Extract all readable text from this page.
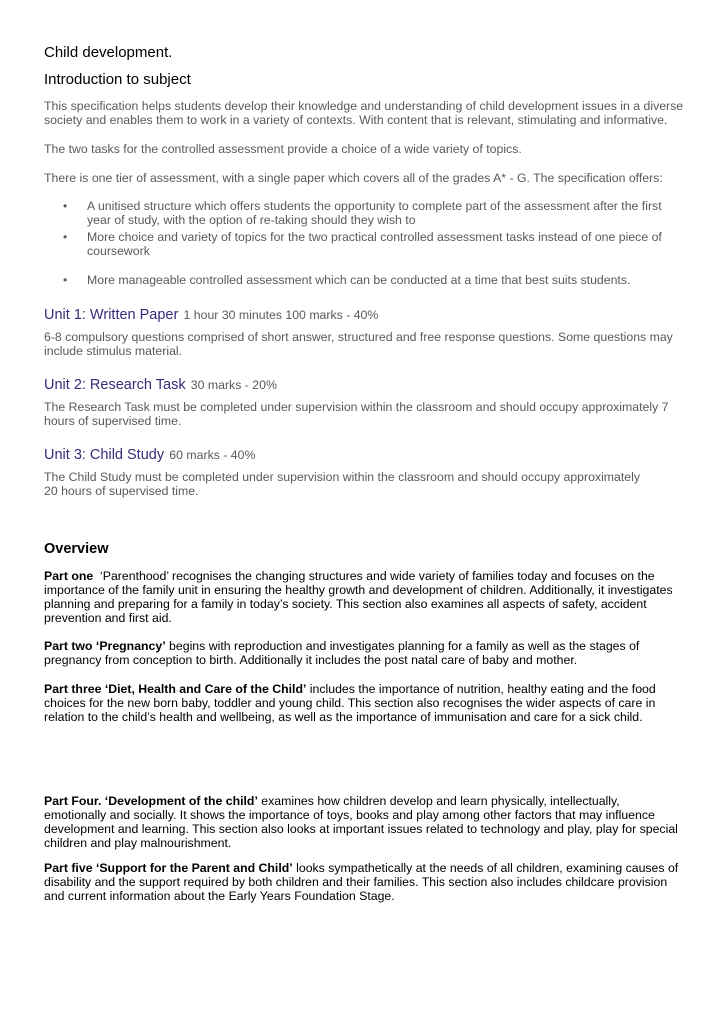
Child development.
Introduction to subject

This specification helps students develop their knowledge and understanding of child development issues in a diverse society and enables them to work in a variety of contexts. With content that is relevant, stimulating and informative.

The two tasks for the controlled assessment provide a choice of a wide variety of topics.

There is one tier of assessment, with a single paper which covers all of the grades A* - G. The specification offers:

• A unitised structure which offers students the opportunity to complete part of the assessment after the first year of study, with the option of re-taking should they wish to
• More choice and variety of topics for the two practical controlled assessment tasks instead of one piece of coursework
• More manageable controlled assessment which can be conducted at a time that best suits students.
Unit 1: Written Paper 1 hour 30 minutes 100 marks - 40%

6-8 compulsory questions comprised of short answer, structured and free response questions. Some questions may include stimulus material.

Unit 2: Research Task 30 marks - 20%

The Research Task must be completed under supervision within the classroom and should occupy approximately 7 hours of supervised time.

Unit 3: Child Study 60 marks - 40%

The Child Study must be completed under supervision within the classroom and should occupy approximately
20 hours of supervised time.

Overview

Part one  ‘Parenthood’ recognises the changing structures and wide variety of families today and focuses on the importance of the family unit in ensuring the healthy growth and development of children. Additionally, it investigates planning and preparing for a family in today’s society. This section also examines all aspects of safety, accident prevention and first aid.

Part two ‘Pregnancy’ begins with reproduction and investigates planning for a family as well as the stages of pregnancy from conception to birth. Additionally it includes the post natal care of baby and mother.

Part three ‘Diet, Health and Care of the Child’ includes the importance of nutrition, healthy eating and the food choices for the new born baby, toddler and young child. This section also recognises the wider aspects of care in relation to the child’s health and wellbeing, as well as the importance of immunisation and care for a sick child.

Part Four. ‘Development of the child’ examines how children develop and learn physically, intellectually, emotionally and socially. It shows the importance of toys, books and play among other factors that may influence development and learning. This section also looks at important issues related to technology and play, play for special children and play malnourishment.

Part five ‘Support for the Parent and Child’ looks sympathetically at the needs of all children, examining causes of disability and the support required by both children and their families. This section also includes childcare provision and current information about the Early Years Foundation Stage.
